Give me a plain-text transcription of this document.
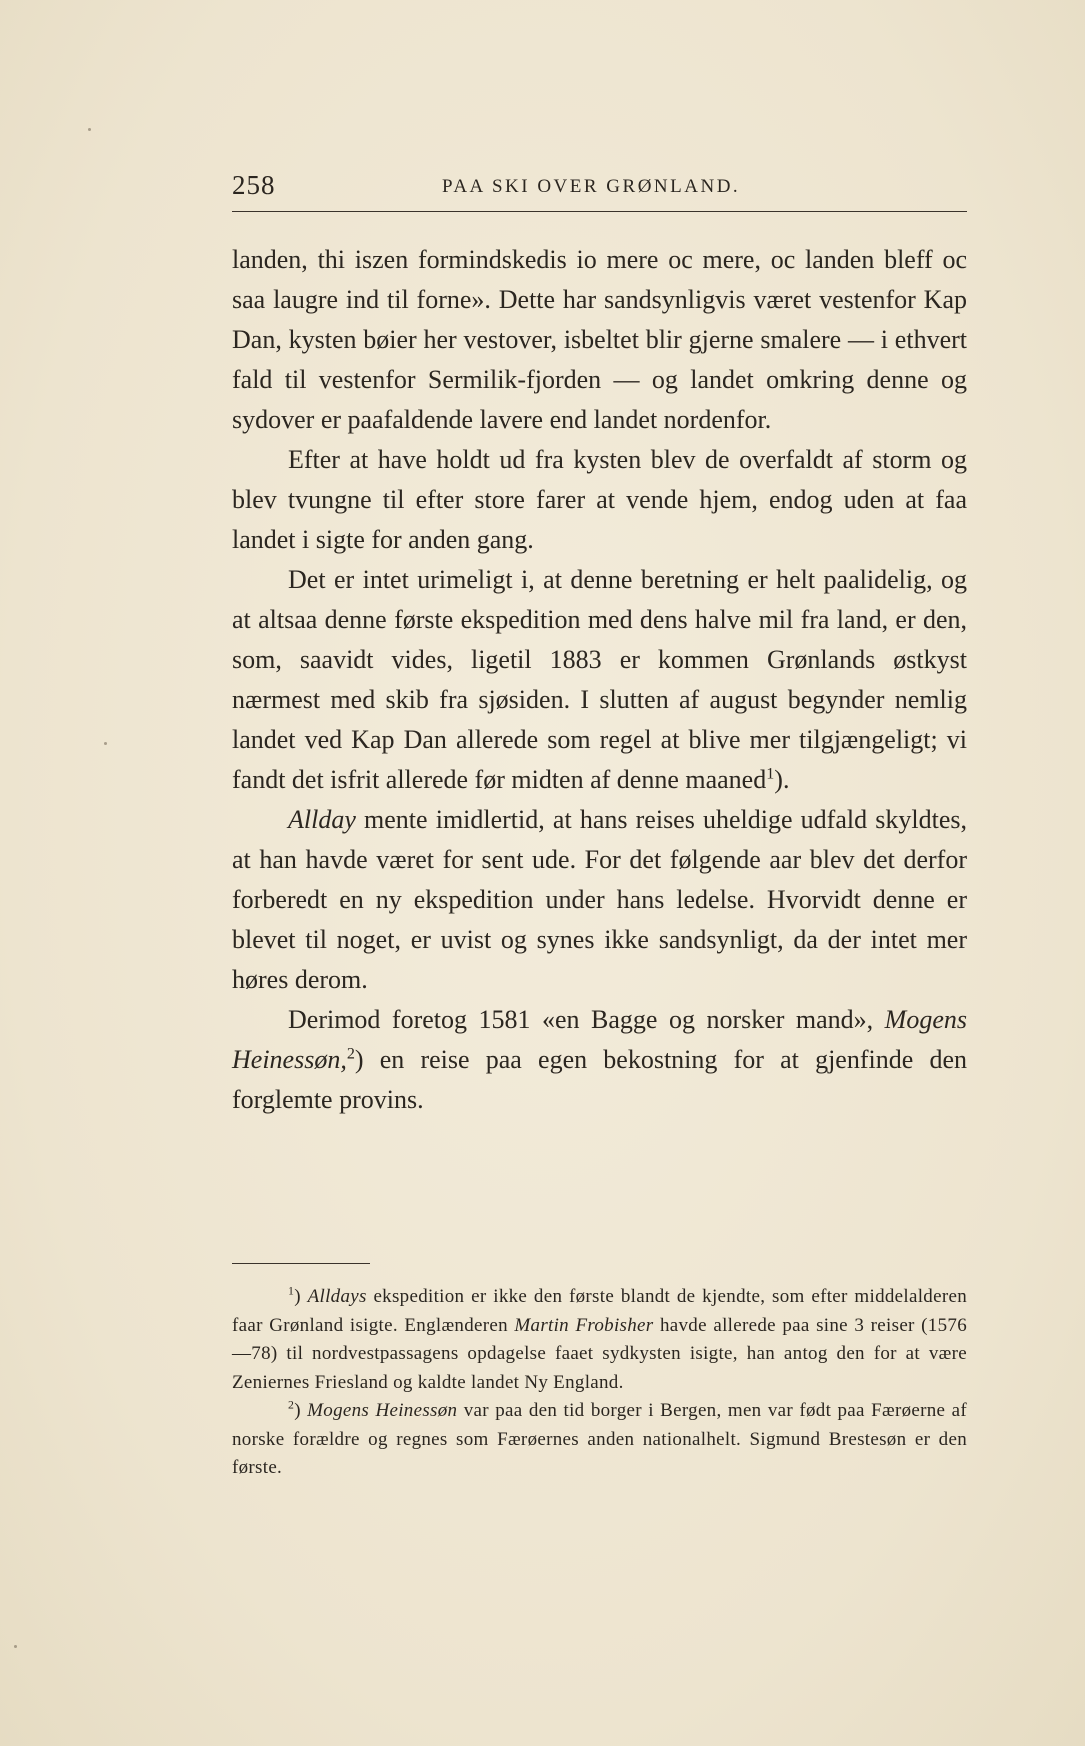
258	PAA SKI OVER GRØNLAND.

landen, thi iszen formindskedis io mere oc mere, oc landen bleff oc saa laugre ind til forne». Dette har sandsynligvis været vestenfor Kap Dan, kysten bøier her vestover, isbeltet blir gjerne smalere — i ethvert fald til vestenfor Sermilik-fjorden — og landet omkring denne og sydover er paafaldende lavere end landet nordenfor.

Efter at have holdt ud fra kysten blev de overfaldt af storm og blev tvungne til efter store farer at vende hjem, endog uden at faa landet i sigte for anden gang.

Det er intet urimeligt i, at denne beretning er helt paalidelig, og at altsaa denne første ekspedition med dens halve mil fra land, er den, som, saavidt vides, ligetil 1883 er kommen Grønlands østkyst nærmest med skib fra sjøsiden. I slutten af august begynder nemlig landet ved Kap Dan allerede som regel at blive mer tilgjængeligt; vi fandt det isfrit allerede før midten af denne maaned$^1$).

Allday mente imidlertid, at hans reises uheldige udfald skyldtes, at han havde været for sent ude. For det følgende aar blev det derfor forberedt en ny ekspedition under hans ledelse. Hvorvidt denne er blevet til noget, er uvist og synes ikke sandsynligt, da der intet mer høres derom.

Derimod foretog 1581 «en Bagge og norsker mand», Mogens Heinessøn,$^2$) en reise paa egen bekostning for at gjenfinde den forglemte provins.

$^1$) Alldays ekspedition er ikke den første blandt de kjendte, som efter middelalderen faar Grønland isigte. Englænderen Martin Frobisher havde allerede paa sine 3 reiser (1576—78) til nordvestpassagens opdagelse faaet sydkysten isigte, han antog den for at være Zeniernes Friesland og kaldte landet Ny England.

$^2$) Mogens Heinessøn var paa den tid borger i Bergen, men var født paa Færøerne af norske forældre og regnes som Færøernes anden nationalhelt. Sigmund Brestesøn er den første.
